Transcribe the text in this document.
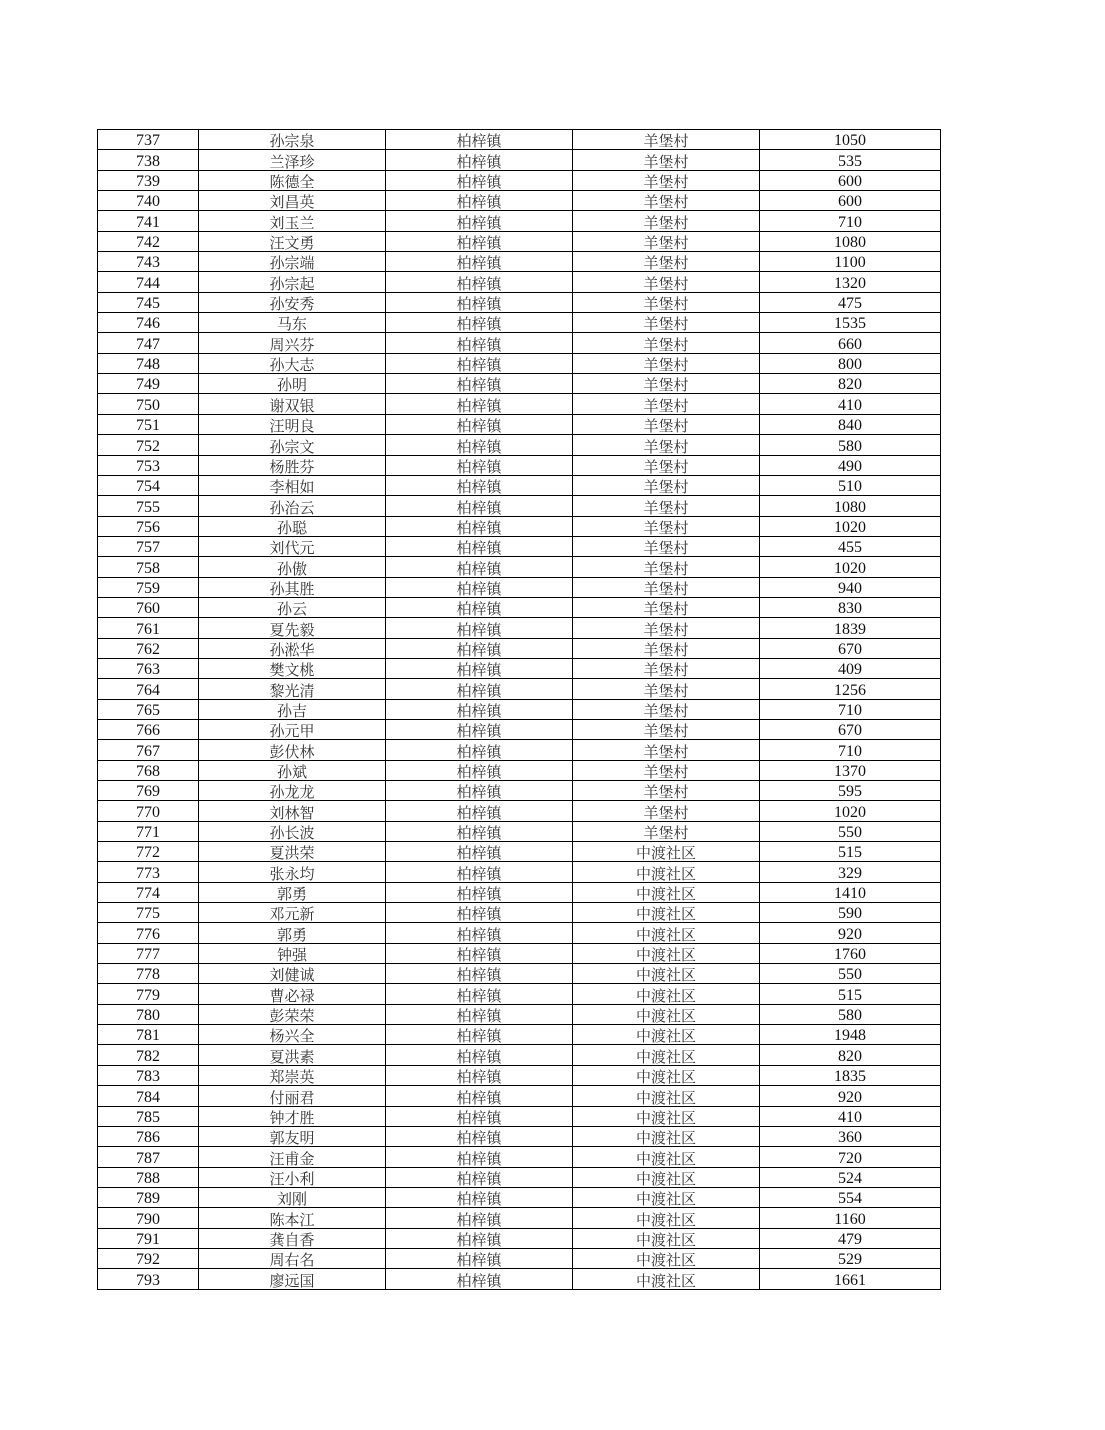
737	孙宗泉	柏梓镇	羊堡村	1050
738	兰泽珍	柏梓镇	羊堡村	535
739	陈德全	柏梓镇	羊堡村	600
740	刘昌英	柏梓镇	羊堡村	600
741	刘玉兰	柏梓镇	羊堡村	710
742	汪文勇	柏梓镇	羊堡村	1080
743	孙宗端	柏梓镇	羊堡村	1100
744	孙宗起	柏梓镇	羊堡村	1320
745	孙安秀	柏梓镇	羊堡村	475
746	马东	柏梓镇	羊堡村	1535
747	周兴芬	柏梓镇	羊堡村	660
748	孙大志	柏梓镇	羊堡村	800
749	孙明	柏梓镇	羊堡村	820
750	谢双银	柏梓镇	羊堡村	410
751	汪明良	柏梓镇	羊堡村	840
752	孙宗文	柏梓镇	羊堡村	580
753	杨胜芬	柏梓镇	羊堡村	490
754	李相如	柏梓镇	羊堡村	510
755	孙治云	柏梓镇	羊堡村	1080
756	孙聪	柏梓镇	羊堡村	1020
757	刘代元	柏梓镇	羊堡村	455
758	孙傲	柏梓镇	羊堡村	1020
759	孙其胜	柏梓镇	羊堡村	940
760	孙云	柏梓镇	羊堡村	830
761	夏先毅	柏梓镇	羊堡村	1839
762	孙淞华	柏梓镇	羊堡村	670
763	樊文桃	柏梓镇	羊堡村	409
764	黎光清	柏梓镇	羊堡村	1256
765	孙吉	柏梓镇	羊堡村	710
766	孙元甲	柏梓镇	羊堡村	670
767	彭伏林	柏梓镇	羊堡村	710
768	孙斌	柏梓镇	羊堡村	1370
769	孙龙龙	柏梓镇	羊堡村	595
770	刘林智	柏梓镇	羊堡村	1020
771	孙长波	柏梓镇	羊堡村	550
772	夏洪荣	柏梓镇	中渡社区	515
773	张永均	柏梓镇	中渡社区	329
774	郭勇	柏梓镇	中渡社区	1410
775	邓元新	柏梓镇	中渡社区	590
776	郭勇	柏梓镇	中渡社区	920
777	钟强	柏梓镇	中渡社区	1760
778	刘健诚	柏梓镇	中渡社区	550
779	曹必禄	柏梓镇	中渡社区	515
780	彭荣荣	柏梓镇	中渡社区	580
781	杨兴全	柏梓镇	中渡社区	1948
782	夏洪素	柏梓镇	中渡社区	820
783	郑崇英	柏梓镇	中渡社区	1835
784	付丽君	柏梓镇	中渡社区	920
785	钟才胜	柏梓镇	中渡社区	410
786	郭友明	柏梓镇	中渡社区	360
787	汪甫金	柏梓镇	中渡社区	720
788	汪小利	柏梓镇	中渡社区	524
789	刘刚	柏梓镇	中渡社区	554
790	陈本江	柏梓镇	中渡社区	1160
791	龚自香	柏梓镇	中渡社区	479
792	周右名	柏梓镇	中渡社区	529
793	廖远国	柏梓镇	中渡社区	1661
